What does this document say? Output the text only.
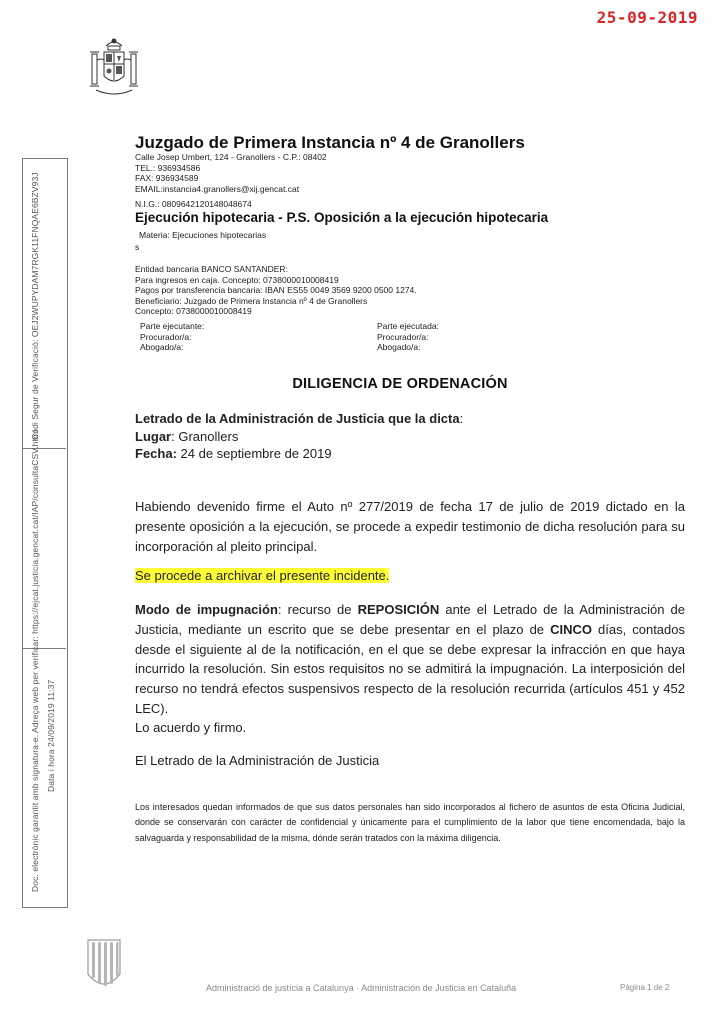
25-09-2019
Codi Segur de Verificació: OEJ2WUPYDAM7RGK11FNQAE6BZV93J
Doc. electrònic garantit amb signatura-e. Adreça web per verificar: https://ejcat.justicia.gencat.cat/IAP/consultaCSV.html Data i hora 24/09/2019 11:37
Juzgado de Primera Instancia nº 4 de Granollers
Calle Josep Umbert, 124 - Granollers - C.P.: 08402
TEL.: 936934586
FAX: 936934589
EMAIL:instancia4.granollers@xij.gencat.cat
N.I.G.: 0809642120148048674
Ejecución hipotecaria - P.S. Oposición a la ejecución hipotecaria
Materia: Ejecuciones hipotecarias
s
Entidad bancaria BANCO SANTANDER:
Para ingresos en caja. Concepto: 0738000010008419
Pagos por transferencia bancaria: IBAN ES55 0049 3569 9200 0500 1274.
Beneficiario: Juzgado de Primera Instancia nº 4 de Granollers
Concepto: 0738000010008419
Parte ejecutante:
Procurador/a:
Abogado/a:
Parte ejecutada:
Procurador/a:
Abogado/a:
DILIGENCIA DE ORDENACIÓN
Letrado de la Administración de Justicia que la dicta:
Lugar: Granollers
Fecha: 24 de septiembre de 2019
Habiendo devenido firme el Auto nº 277/2019 de fecha 17 de julio de 2019 dictado en la presente oposición a la ejecución, se procede a expedir testimonio de dicha resolución para su incorporación al pleito principal.
Se procede a archivar el presente incidente.
Modo de impugnación: recurso de REPOSICIÓN ante el Letrado de la Administración de Justicia, mediante un escrito que se debe presentar en el plazo de CINCO días, contados desde el siguiente al de la notificación, en el que se debe expresar la infracción en que haya incurrido la resolución. Sin estos requisitos no se admitirá la impugnación. La interposición del recurso no tendrá efectos suspensivos respecto de la resolución recurrida (artículos 451 y 452 LEC).
Lo acuerdo y firmo.
El Letrado de la Administración de Justicia
Los interesados quedan informados de que sus datos personales han sido incorporados al fichero de asuntos de esta Oficina Judicial, donde se conservarán con carácter de confidencial y únicamente para el cumplimiento de la labor que tiene encomendada, bajo la salvaguarda y responsabilidad de la misma, dónde serán tratados con la máxima diligencia.
Administració de justícia a Catalunya · Administración de Justicia en Cataluña	Pàgina 1 de 2
